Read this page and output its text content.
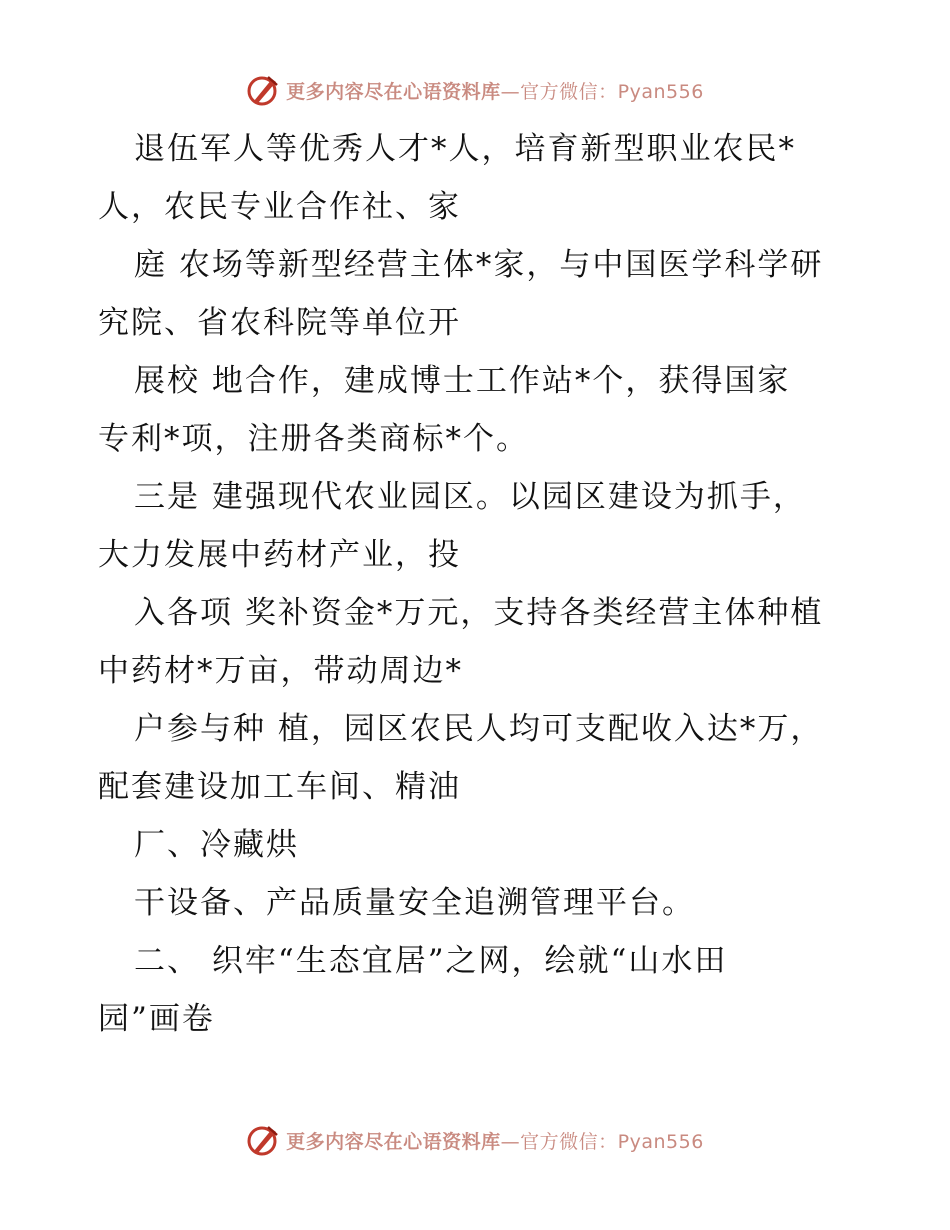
更多内容尽在心语资料库—官方微信：Pyan556
退伍军人等优秀人才*人，培育新型职业农民*
人，农民专业合作社、家
庭 农场等新型经营主体*家，与中国医学科学研
究院、省农科院等单位开
展校 地合作，建成博士工作站*个，获得国家
专利*项，注册各类商标*个。
三是 建强现代农业园区。以园区建设为抓手，
大力发展中药材产业，投
入各项 奖补资金*万元，支持各类经营主体种植
中药材*万亩，带动周边*
户参与种 植，园区农民人均可支配收入达*万，
配套建设加工车间、精油
厂、冷藏烘
干设备、产品质量安全追溯管理平台。
二、 织牢“生态宜居”之网，绘就“山水田
园”画卷
更多内容尽在心语资料库—官方微信：Pyan556
